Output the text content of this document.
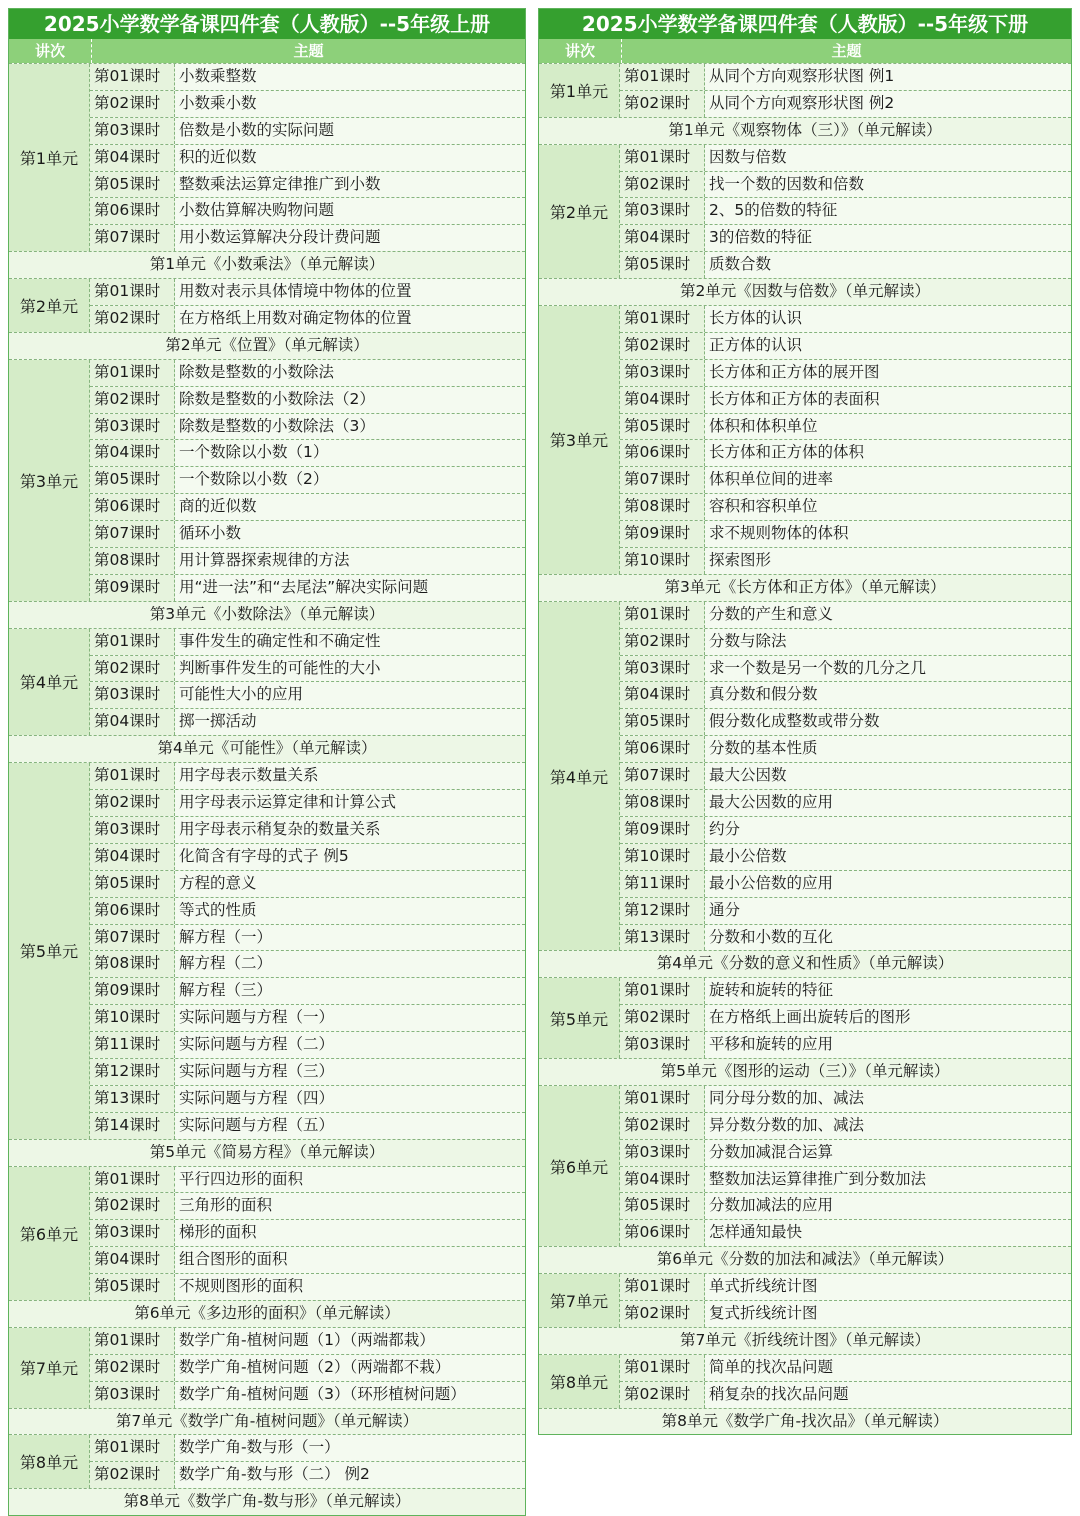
2025小学数学备课四件套（人教版）--5年级上册
讲次	主题
第1单元
第01课时	小数乘整数
第02课时	小数乘小数
第03课时	倍数是小数的实际问题
第04课时	积的近似数
第05课时	整数乘法运算定律推广到小数
第06课时	小数估算解决购物问题
第07课时	用小数运算解决分段计费问题
第1单元《小数乘法》（单元解读）
第2单元
第01课时	用数对表示具体情境中物体的位置
第02课时	在方格纸上用数对确定物体的位置
第2单元《位置》（单元解读）
第3单元
第01课时	除数是整数的小数除法
第02课时	除数是整数的小数除法（2）
第03课时	除数是整数的小数除法（3）
第04课时	一个数除以小数（1）
第05课时	一个数除以小数（2）
第06课时	商的近似数
第07课时	循环小数
第08课时	用计算器探索规律的方法
第09课时	用“进一法”和“去尾法”解决实际问题
第3单元《小数除法》（单元解读）
第4单元
第01课时	事件发生的确定性和不确定性
第02课时	判断事件发生的可能性的大小
第03课时	可能性大小的应用
第04课时	掷一掷活动
第4单元《可能性》（单元解读）
第5单元
第01课时	用字母表示数量关系
第02课时	用字母表示运算定律和计算公式
第03课时	用字母表示稍复杂的数量关系
第04课时	化简含有字母的式子 例5
第05课时	方程的意义
第06课时	等式的性质
第07课时	解方程（一）
第08课时	解方程（二）
第09课时	解方程（三）
第10课时	实际问题与方程（一）
第11课时	实际问题与方程（二）
第12课时	实际问题与方程（三）
第13课时	实际问题与方程（四）
第14课时	实际问题与方程（五）
第5单元《简易方程》（单元解读）
第6单元
第01课时	平行四边形的面积
第02课时	三角形的面积
第03课时	梯形的面积
第04课时	组合图形的面积
第05课时	不规则图形的面积
第6单元《多边形的面积》（单元解读）
第7单元
第01课时	数学广角-植树问题（1）（两端都栽）
第02课时	数学广角-植树问题（2）（两端都不栽）
第03课时	数学广角-植树问题（3）（环形植树问题）
第7单元《数学广角-植树问题》（单元解读）
第8单元
第01课时	数学广角-数与形（一）
第02课时	数学广角-数与形（二） 例2
第8单元《数学广角-数与形》（单元解读）
2025小学数学备课四件套（人教版）--5年级下册
讲次	主题
第1单元
第01课时	从同个方向观察形状图 例1
第02课时	从同个方向观察形状图 例2
第1单元《观察物体（三）》（单元解读）
第2单元
第01课时	因数与倍数
第02课时	找一个数的因数和倍数
第03课时	2、5的倍数的特征
第04课时	3的倍数的特征
第05课时	质数合数
第2单元《因数与倍数》（单元解读）
第3单元
第01课时	长方体的认识
第02课时	正方体的认识
第03课时	长方体和正方体的展开图
第04课时	长方体和正方体的表面积
第05课时	体积和体积单位
第06课时	长方体和正方体的体积
第07课时	体积单位间的进率
第08课时	容积和容积单位
第09课时	求不规则物体的体积
第10课时	探索图形
第3单元《长方体和正方体》（单元解读）
第4单元
第01课时	分数的产生和意义
第02课时	分数与除法
第03课时	求一个数是另一个数的几分之几
第04课时	真分数和假分数
第05课时	假分数化成整数或带分数
第06课时	分数的基本性质
第07课时	最大公因数
第08课时	最大公因数的应用
第09课时	约分
第10课时	最小公倍数
第11课时	最小公倍数的应用
第12课时	通分
第13课时	分数和小数的互化
第4单元《分数的意义和性质》（单元解读）
第5单元
第01课时	旋转和旋转的特征
第02课时	在方格纸上画出旋转后的图形
第03课时	平移和旋转的应用
第5单元《图形的运动（三）》（单元解读）
第6单元
第01课时	同分母分数的加、减法
第02课时	异分数分数的加、减法
第03课时	分数加减混合运算
第04课时	整数加法运算律推广到分数加法
第05课时	分数加减法的应用
第06课时	怎样通知最快
第6单元《分数的加法和减法》（单元解读）
第7单元
第01课时	单式折线统计图
第02课时	复式折线统计图
第7单元《折线统计图》（单元解读）
第8单元
第01课时	简单的找次品问题
第02课时	稍复杂的找次品问题
第8单元《数学广角-找次品》（单元解读）
